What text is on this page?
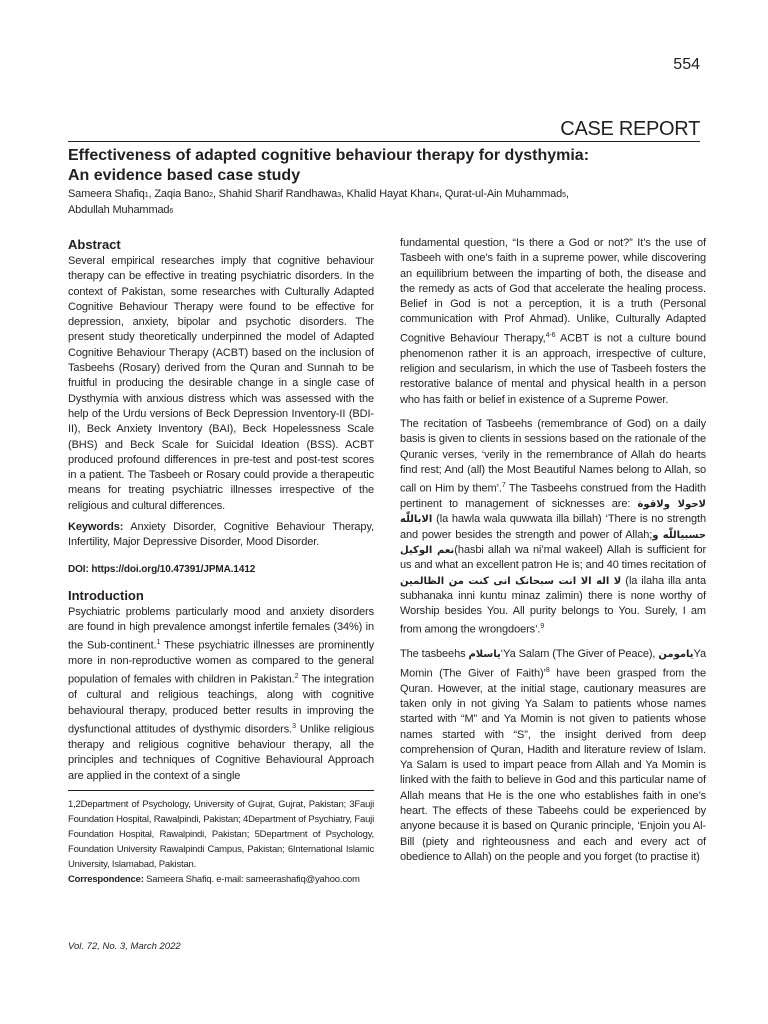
554
CASE REPORT
Effectiveness of adapted cognitive behaviour therapy for dysthymia:
An evidence based case study

Sameera Shafiq1, Zaqia Bano2, Shahid Sharif Randhawa3, Khalid Hayat Khan4, Qurat-ul-Ain Muhammad5,
Abdullah Muhammad6

Abstract

Several empirical researches imply that cognitive behaviour therapy can be effective in treating psychiatric disorders. In the context of Pakistan, some researches with Culturally Adapted Cognitive Behaviour Therapy were found to be effective for depression, anxiety, bipolar and psychotic disorders. The present study theoretically underpinned the model of Adapted Cognitive Behaviour Therapy (ACBT) based on the inclusion of Tasbeehs (Rosary) derived from the Quran and Sunnah to be fruitful in producing the desirable change in a single case of Dysthymia with anxious distress which was assessed with the help of the Urdu versions of Beck Depression Inventory-II (BDI-II), Beck Anxiety Inventory (BAI), Beck Hopelessness Scale (BHS) and Beck Scale for Suicidal Ideation (BSS). ACBT produced profound differences in pre-test and post-test scores in a patient. The Tasbeeh or Rosary could provide a therapeutic means for treating psychiatric illnesses irrespective of the religious and cultural differences.

Keywords: Anxiety Disorder, Cognitive Behaviour Therapy, Infertility, Major Depressive Disorder, Mood Disorder.

DOI: https://doi.org/10.47391/JPMA.1412

Introduction

Psychiatric problems particularly mood and anxiety disorders are found in high prevalence amongst infertile females (34%) in the Sub-continent.$^1$ These psychiatric illnesses are prominently more in non-reproductive women as compared to the general population of females with children in Pakistan.$^2$ The integration of cultural and religious teachings, along with cognitive behavioural therapy, produced better results in improving the dysfunctional attitudes of dysthymic disorders.$^3$ Unlike religious therapy and religious cognitive behaviour therapy, all the principles and techniques of Cognitive Behavioural Approach are applied in the context of a single

1,2Department of Psychology, University of Gujrat, Gujrat, Pakistan; 3Fauji Foundation Hospital, Rawalpindi, Pakistan; 4Department of Psychiatry, Fauji Foundation Hospital, Rawalpindi, Pakistan; 5Department of Psychology, Foundation University Rawalpindi Campus, Pakistan; 6International Islamic University, Islamabad, Pakistan.

Correspondence: Sameera Shafiq. e-mail: sameerashafiq@yahoo.com

fundamental question, “Is there a God or not?” It’s the use of Tasbeeh with one’s faith in a supreme power, while discovering an equilibrium between the imparting of both, the disease and the remedy as acts of God that accelerate the healing process. Belief in God is not a perception, it is a truth (Personal communication with Prof Ahmad). Unlike, Culturally Adapted Cognitive Behaviour Therapy,$^{4-6}$ ACBT is not a culture bound phenomenon rather it is an approach, irrespective of culture, religion and secularism, in which the use of Tasbeeh fosters the restorative balance of mental and physical health in a person who has faith or belief in existence of a Supreme Power.

The recitation of Tasbeehs (remembrance of God) on a daily basis is given to clients in sessions based on the rationale of the Quranic verses, ‘verily in the remembrance of Allah do hearts find rest; And (all) the Most Beautiful Names belong to Allah, so call on Him by them’.$^7$ The Tasbeehs construed from the Hadith pertinent to management of sicknesses are: لاحولا ولاقوة الاباللّٰه (la hawla wala quwwata illa billah) ‘There is no strength and power besides the strength and power of Allah;حسبیاللّٰه و نعم الوکیل(hasbi allah wa ni’mal wakeel) Allah is sufficient for us and what an excellent patron He is; and 40 times recitation of لا اله الا انت سبحانک انی کنت من الظالمین (la ilaha illa anta subhanaka inni kuntu minaz zalimin) there is none worthy of Worship besides You. All purity belongs to You. Surely, I am from among the wrongdoers’.$^9$

The tasbeehs یاسلام‘Ya Salam (The Giver of Peace), یامومنYa Momin (The Giver of Faith)’$^8$ have been grasped from the Quran. However, at the initial stage, cautionary measures are taken only in not giving Ya Salam to patients whose names started with “M” and Ya Momin is not given to patients whose names started with “S”, the insight derived from deep comprehension of Quran, Hadith and literature review of Islam. Ya Salam is used to impart peace from Allah and Ya Momin is linked with the faith to believe in God and this particular name of Allah means that He is the one who establishes faith in one’s heart. The effects of these Tabeehs could be experienced by anyone because it is based on Quranic principle, ‘Enjoin you Al-Bill (piety and righteousness and each and every act of obedience to Allah) on the people and you forget (to practise it)

Vol. 72, No. 3, March 2022
